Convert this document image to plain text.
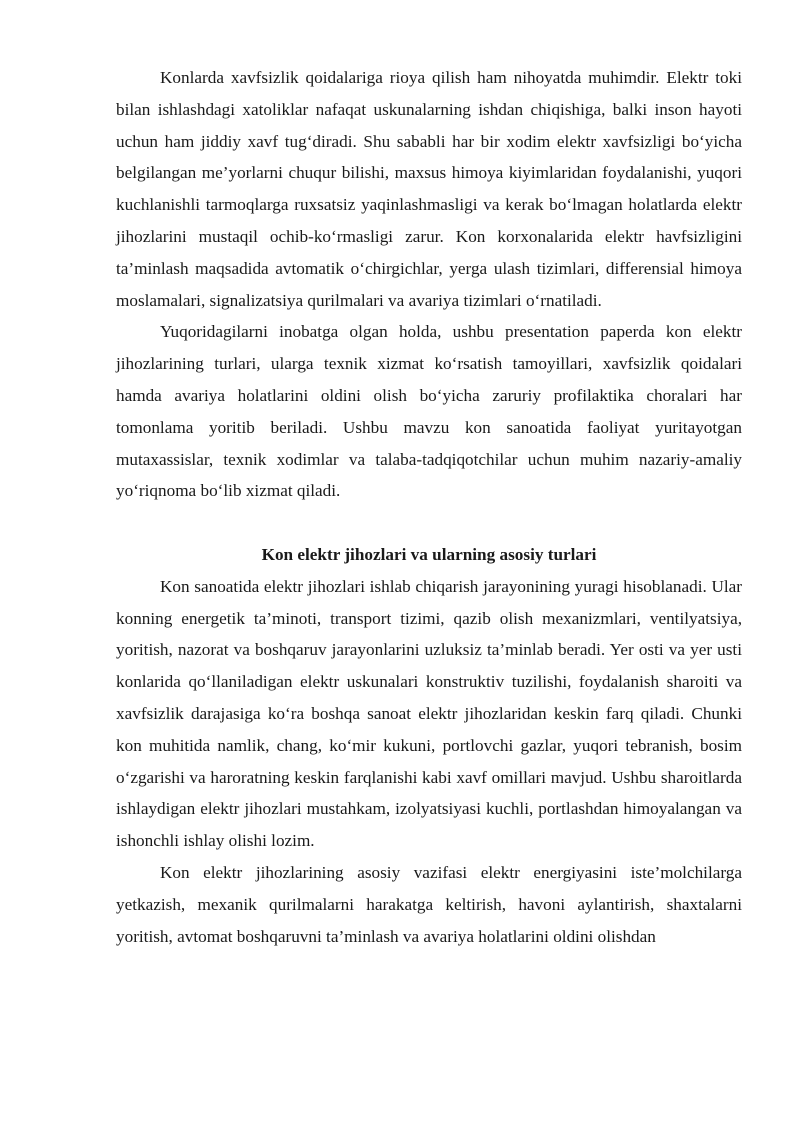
Konlarda xavfsizlik qoidalariga rioya qilish ham nihoyatda muhimdir. Elektr toki bilan ishlashdagi xatoliklar nafaqat uskunalarning ishdan chiqishiga, balki inson hayoti uchun ham jiddiy xavf tug‘diradi. Shu sababli har bir xodim elektr xavfsizligi bo‘yicha belgilangan me’yorlarni chuqur bilishi, maxsus himoya kiyimlaridan foydalanishi, yuqori kuchlanishli tarmoqlarga ruxsatsiz yaqinlashmasligi va kerak bo‘lmagan holatlarda elektr jihozlarini mustaqil ochib-ko‘rmasligi zarur. Kon korxonalarida elektr havfsizligini ta’minlash maqsadida avtomatik o‘chirgichlar, yerga ulash tizimlari, differensial himoya moslamalari, signalizatsiya qurilmalari va avariya tizimlari o‘rnatiladi.

Yuqoridagilarni inobatga olgan holda, ushbu presentation paperda kon elektr jihozlarining turlari, ularga texnik xizmat ko‘rsatish tamoyillari, xavfsizlik qoidalari hamda avariya holatlarini oldini olish bo‘yicha zaruriy profilaktika choralari har tomonlama yoritib beriladi. Ushbu mavzu kon sanoatida faoliyat yuritayotgan mutaxassislar, texnik xodimlar va talaba-tadqiqotchilar uchun muhim nazariy-amaliy yo‘riqnoma bo‘lib xizmat qiladi.

Kon elektr jihozlari va ularning asosiy turlari

Kon sanoatida elektr jihozlari ishlab chiqarish jarayonining yuragi hisoblanadi. Ular konning energetik ta’minoti, transport tizimi, qazib olish mexanizmlari, ventilyatsiya, yoritish, nazorat va boshqaruv jarayonlarini uzluksiz ta’minlab beradi. Yer osti va yer usti konlarida qo‘llaniladigan elektr uskunalari konstruktiv tuzilishi, foydalanish sharoiti va xavfsizlik darajasiga ko‘ra boshqa sanoat elektr jihozlaridan keskin farq qiladi. Chunki kon muhitida namlik, chang, ko‘mir kukuni, portlovchi gazlar, yuqori tebranish, bosim o‘zgarishi va haroratning keskin farqlanishi kabi xavf omillari mavjud. Ushbu sharoitlarda ishlaydigan elektr jihozlari mustahkam, izolyatsiyasi kuchli, portlashdan himoyalangan va ishonchli ishlay olishi lozim.

Kon elektr jihozlarining asosiy vazifasi elektr energiyasini iste’molchilarga yetkazish, mexanik qurilmalarni harakatga keltirish, havoni aylantirish, shaxtalarni yoritish, avtomat boshqaruvni ta’minlash va avariya holatlarini oldini olishdan
